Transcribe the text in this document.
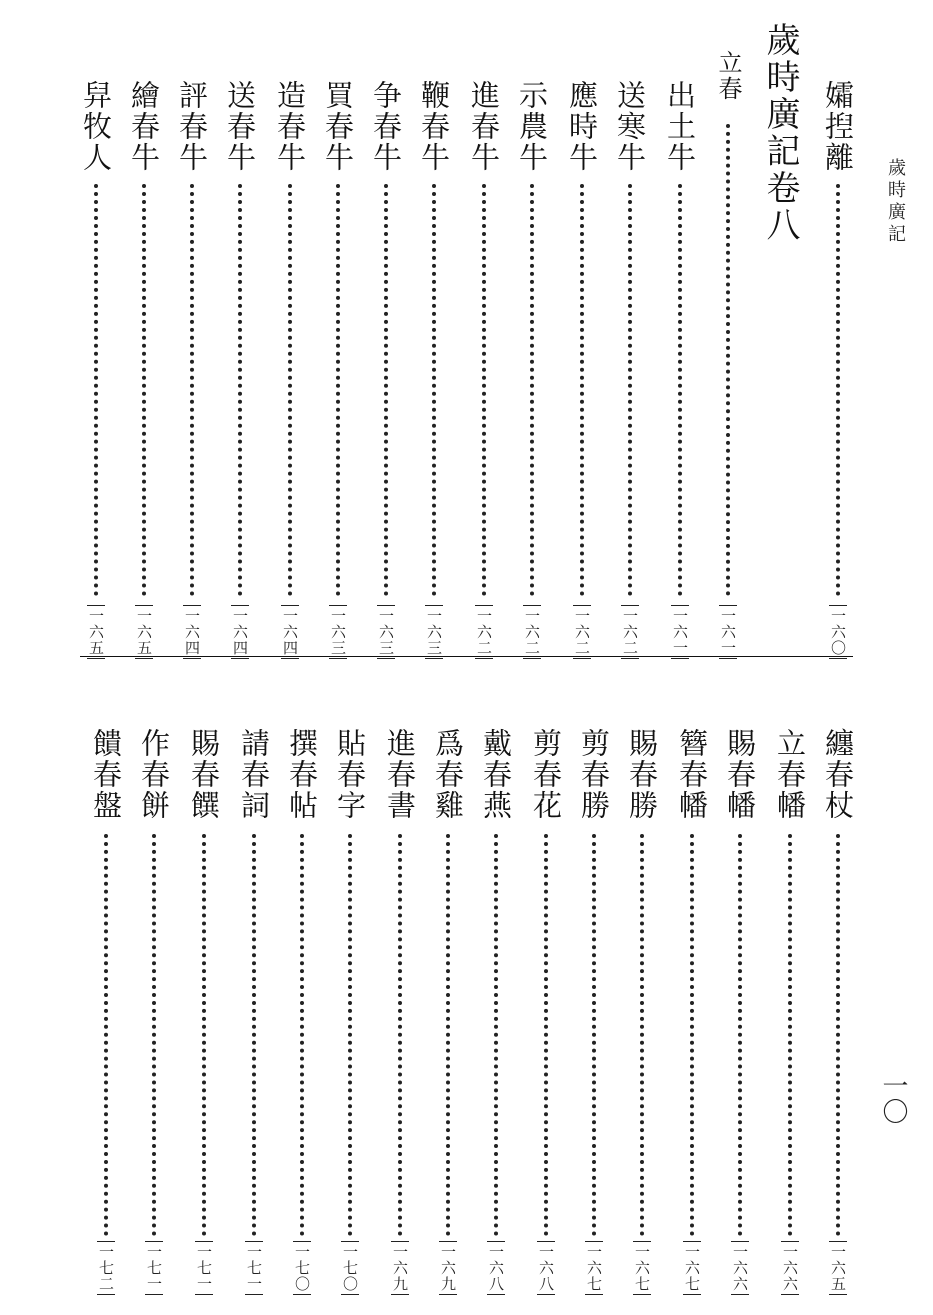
歲時廣記
一〇
歲時廣記卷八 孀揑離
一六〇
立春
一六一
出土牛
一六一
送寒牛
一六二
應時牛
一六二
示農牛
一六二
進春牛
一六二
鞭春牛
一六三
争春牛
一六三
買春牛
一六三
造春牛
一六四
送春牛
一六四
評春牛
一六四
繪春牛
一六五
舁牧人
一六五
纏春杖
一六五
立春幡
一六六
賜春幡
一六六
簪春幡
一六七
賜春勝
一六七
剪春勝
一六七
剪春花
一六八
戴春燕
一六八
爲春雞
一六九
進春書
一六九
貼春字
一七〇
撰春帖
一七〇
請春詞
一七一
賜春饌
一七一
作春餅
一七一
饋春盤
一七二
